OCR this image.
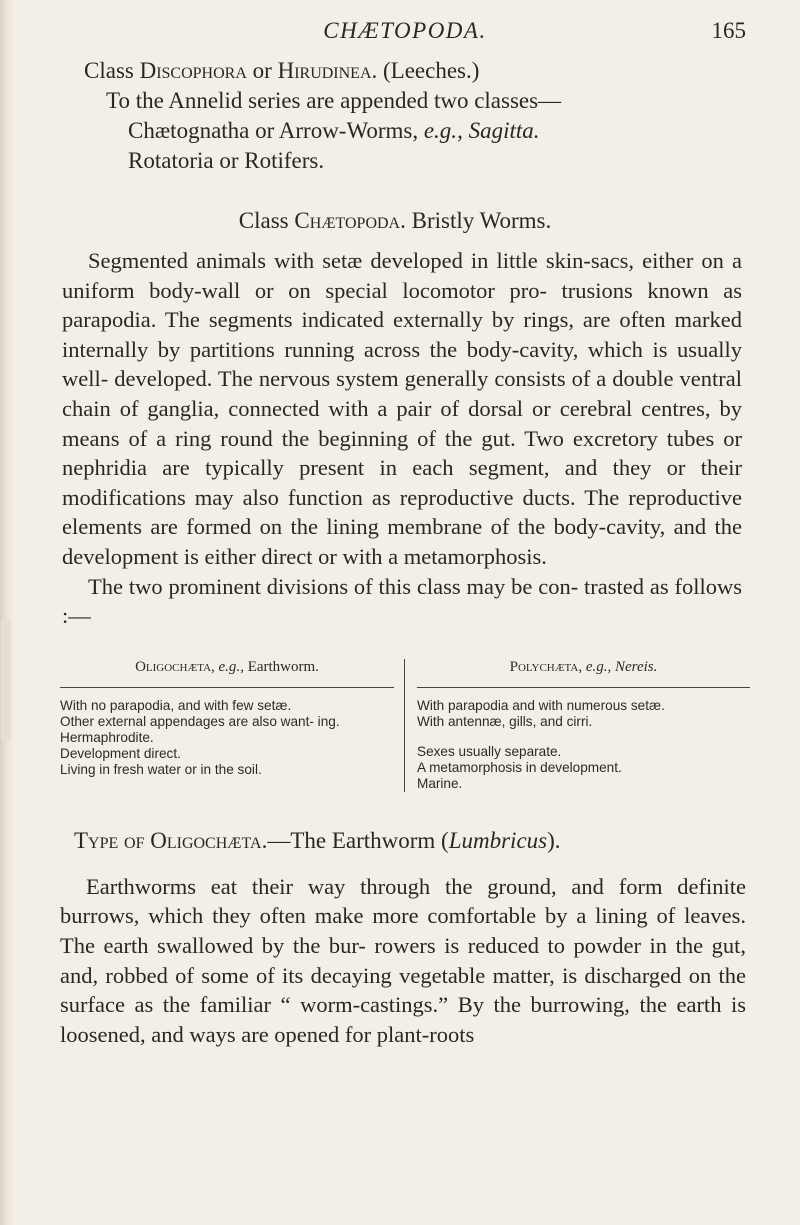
CHÆTOPODA.	165
Class Discophora or Hirudinea. (Leeches.)
To the Annelid series are appended two classes—
Chætognatha or Arrow-Worms, e.g., Sagitta.
Rotatoria or Rotifers.
Class Chætopoda. Bristly Worms.
Segmented animals with setæ developed in little skin-sacs, either on a uniform body-wall or on special locomotor pro- trusions known as parapodia. The segments indicated externally by rings, are often marked internally by partitions running across the body-cavity, which is usually well- developed. The nervous system generally consists of a double ventral chain of ganglia, connected with a pair of dorsal or cerebral centres, by means of a ring round the beginning of the gut. Two excretory tubes or nephridia are typically present in each segment, and they or their modifications may also function as reproductive ducts. The reproductive elements are formed on the lining membrane of the body-cavity, and the development is either direct or with a metamorphosis.
The two prominent divisions of this class may be con- trasted as follows :—
Oligochæta, e.g., Earthworm.
With no parapodia, and with few setæ.
Other external appendages are also want- ing.
Hermaphrodite.
Development direct.
Living in fresh water or in the soil.
Polychæta, e.g., Nereis.
With parapodia and with numerous setæ.
With antennæ, gills, and cirri.
Sexes usually separate.
A metamorphosis in development.
Marine.
Type of Oligochæta.—The Earthworm (Lumbricus).
Earthworms eat their way through the ground, and form definite burrows, which they often make more comfortable by a lining of leaves. The earth swallowed by the bur- rowers is reduced to powder in the gut, and, robbed of some of its decaying vegetable matter, is discharged on the surface as the familiar “ worm-castings.” By the burrowing, the earth is loosened, and ways are opened for plant-roots
